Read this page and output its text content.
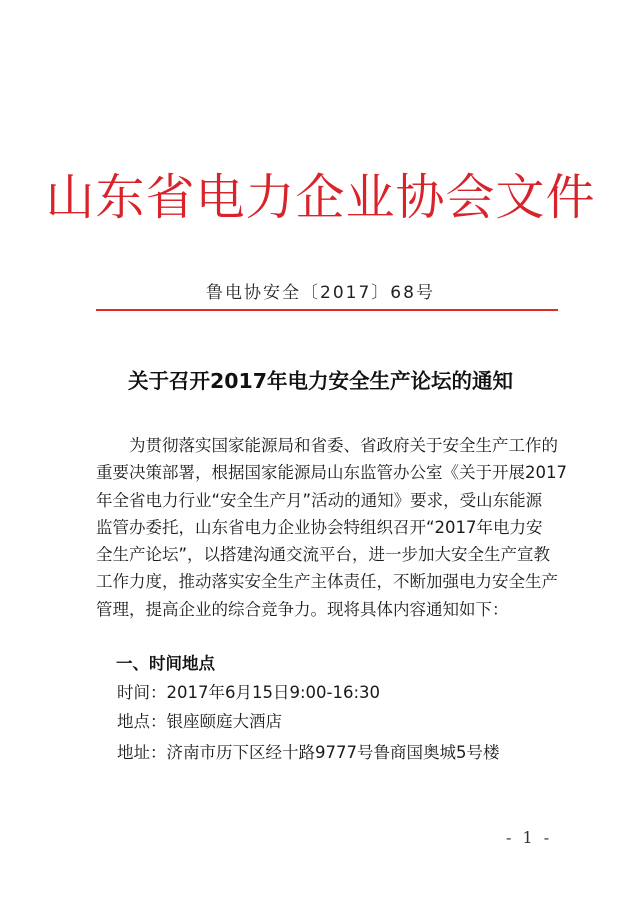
山东省电力企业协会文件
鲁电协安全〔2017〕68号
关于召开2017年电力安全生产论坛的通知
为贯彻落实国家能源局和省委、省政府关于安全生产工作的
重要决策部署，根据国家能源局山东监管办公室《关于开展2017
年全省电力行业“安全生产月”活动的通知》要求，受山东能源
监管办委托，山东省电力企业协会特组织召开“2017年电力安
全生产论坛”，以搭建沟通交流平台，进一步加大安全生产宣教
工作力度，推动落实安全生产主体责任，不断加强电力安全生产
管理，提高企业的综合竞争力。现将具体内容通知如下：
一、时间地点
时间：2017年6月15日9:00-16:30
地点：银座颐庭大酒店
地址：济南市历下区经十路9777号鲁商国奥城5号楼
- 1 -
